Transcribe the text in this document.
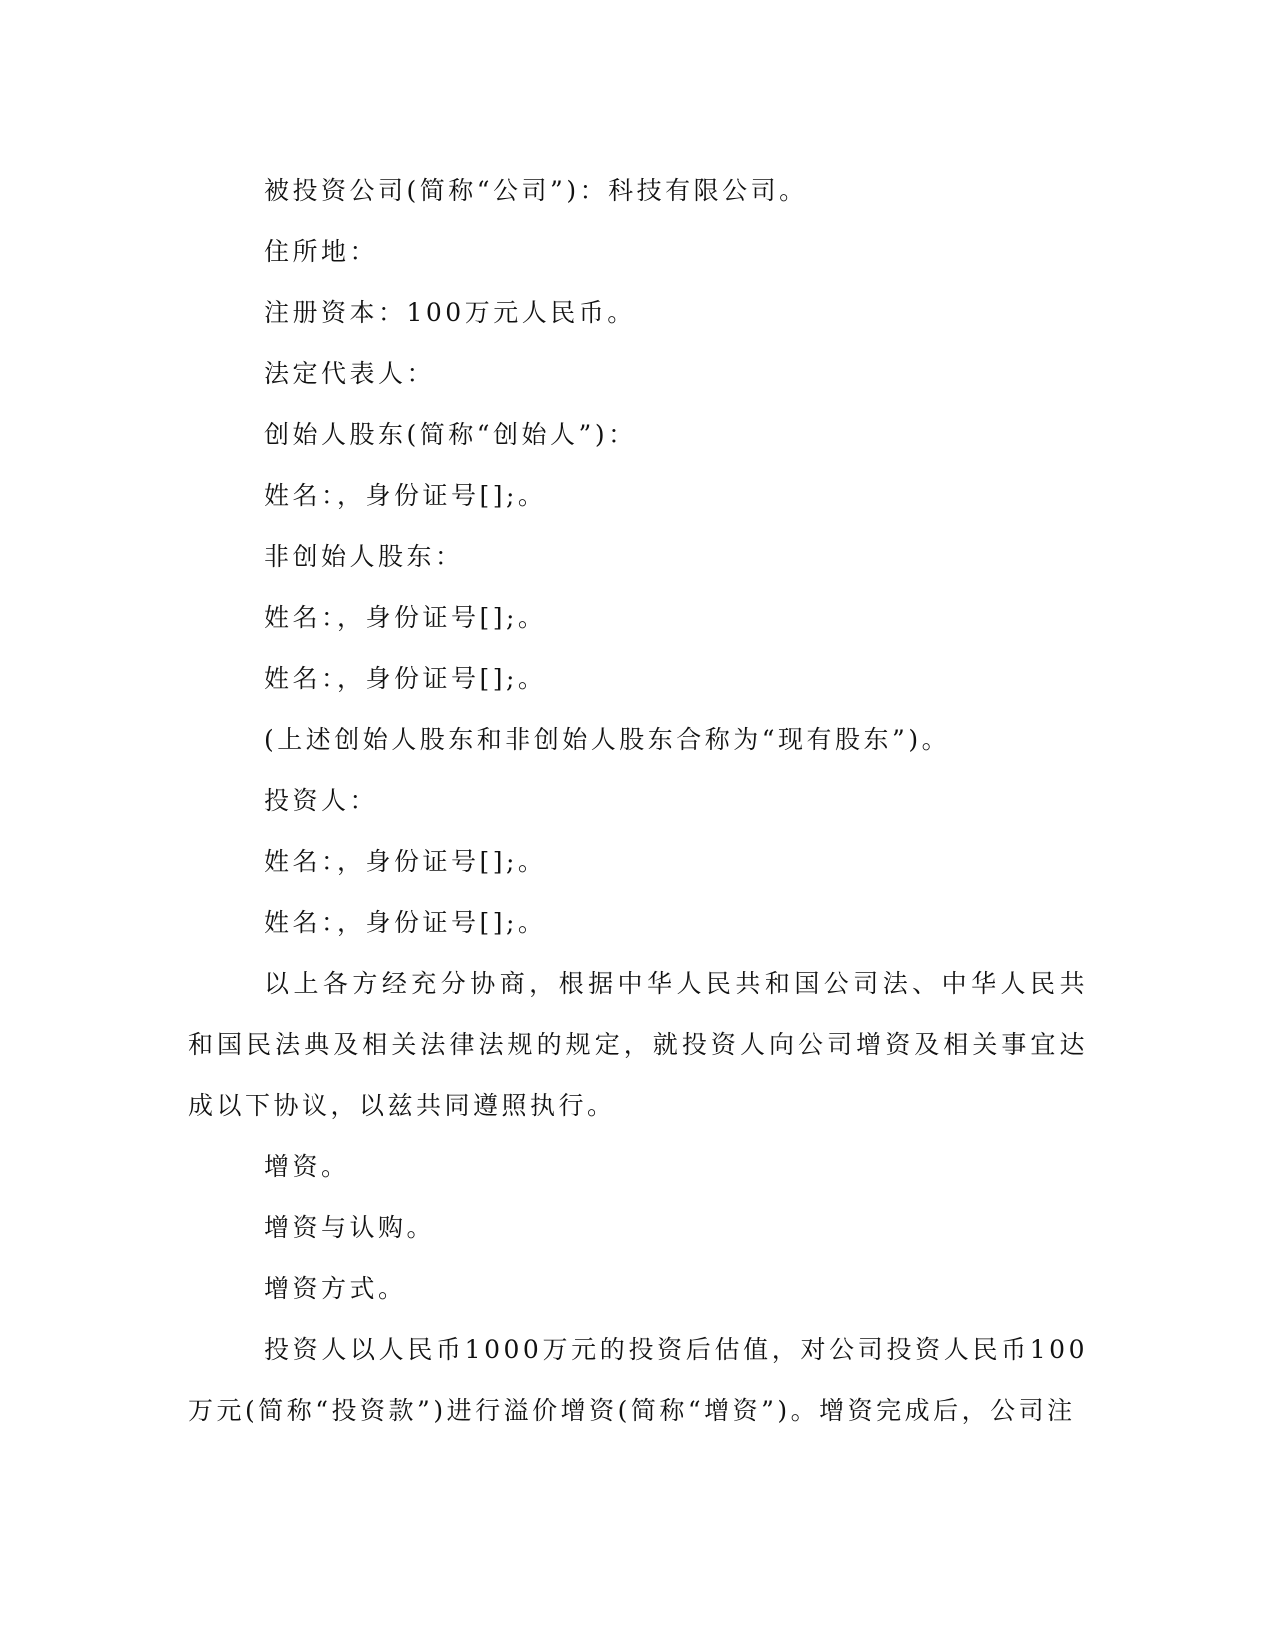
被投资公司(简称“公司”)：科技有限公司。
住所地：
注册资本：100万元人民币。
法定代表人：
创始人股东(简称“创始人”)：
姓名：，身份证号[];。
非创始人股东：
姓名：，身份证号[];。
姓名：，身份证号[];。
(上述创始人股东和非创始人股东合称为“现有股东”)。
投资人：
姓名：，身份证号[];。
姓名：，身份证号[];。

以上各方经充分协商，根据中华人民共和国公司法、中华人民共和国民法典及相关法律法规的规定，就投资人向公司增资及相关事宜达成以下协议，以兹共同遵照执行。

增资。
增资与认购。
增资方式。

投资人以人民币1000万元的投资后估值，对公司投资人民币100万元(简称“投资款”)进行溢价增资(简称“增资”)。增资完成后，公司注
